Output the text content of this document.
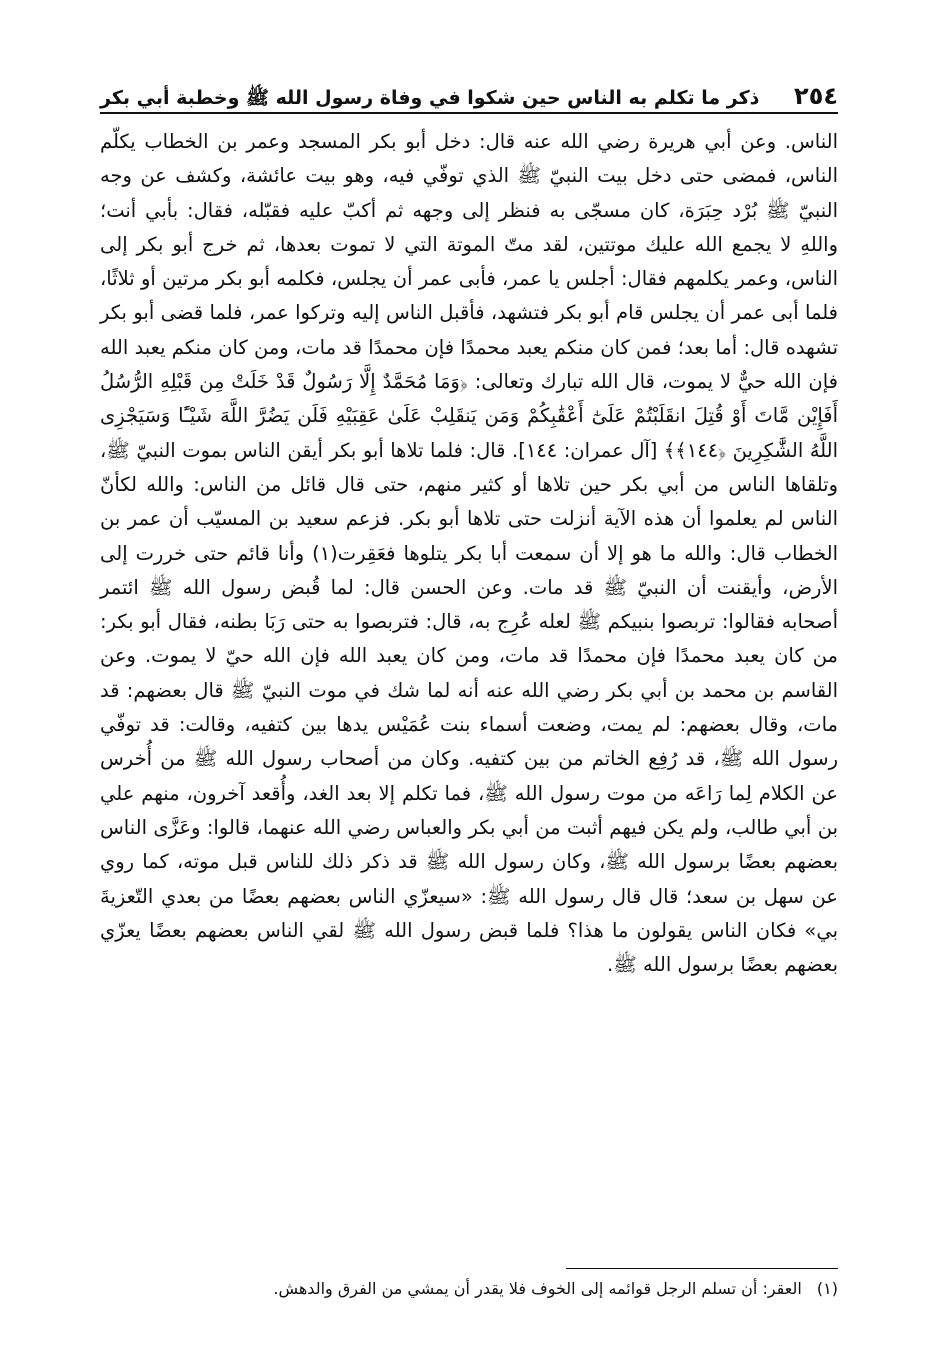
٢٥٤
ذكر ما تكلم به الناس حين شكوا في وفاة رسول الله ﷺ وخطبة أبي بكر

الناس. وعن أبي هريرة رضي الله عنه قال: دخل أبو بكر المسجد وعمر بن الخطاب يكلّم الناس، فمضى حتى دخل بيت النبيّ ﷺ الذي توفّي فيه، وهو بيت عائشة، وكشف عن وجه النبيّ ﷺ بُرْد حِبَرَة، كان مسجّى به فنظر إلى وجهه ثم أكبّ عليه فقبّله، فقال: بأبي أنت؛ واللهِ لا يجمع الله عليك موتتين، لقد متّ الموتة التي لا تموت بعدها، ثم خرج أبو بكر إلى الناس، وعمر يكلمهم فقال: أجلس يا عمر، فأبى عمر أن يجلس، فكلمه أبو بكر مرتين أو ثلاثًا، فلما أبى عمر أن يجلس قام أبو بكر فتشهد، فأقبل الناس إليه وتركوا عمر، فلما قضى أبو بكر تشهده قال: أما بعد؛ فمن كان منكم يعبد محمدًا فإن محمدًا قد مات، ومن كان منكم يعبد الله فإن الله حيٌّ لا يموت، قال الله تبارك وتعالى: ﴿وَمَا مُحَمَّدٌ إِلَّا رَسُولٌ قَدْ خَلَتْ مِن قَبْلِهِ الرُّسُلُ أَفَإِيْن مَّاتَ أَوْ قُتِلَ انقَلَبْتُمْ عَلَىٰٓ أَعْقَٰبِكُمْ وَمَن يَنقَلِبْ عَلَىٰ عَقِبَيْهِ فَلَن يَضُرَّ اللَّهَ شَيْـًٔا وَسَيَجْزِى اللَّهُ الشَّٰكِرِينَ ﴿١٤٤﴾﴾ [آل عمران: ١٤٤]. قال: فلما تلاها أبو بكر أيقن الناس بموت النبيّ ﷺ، وتلقاها الناس من أبي بكر حين تلاها أو كثير منهم، حتى قال قائل من الناس: والله لكأنّ الناس لم يعلموا أن هذه الآية أنزلت حتى تلاها أبو بكر. فزعم سعيد بن المسيّب أن عمر بن الخطاب قال: والله ما هو إلا أن سمعت أبا بكر يتلوها فعَقِرت(١) وأنا قائم حتى خررت إلى الأرض، وأيقنت أن النبيّ ﷺ قد مات. وعن الحسن قال: لما قُبض رسول الله ﷺ ائتمر أصحابه فقالوا: تربصوا بنبيكم ﷺ لعله عُرِج به، قال: فتربصوا به حتى رَبَا بطنه، فقال أبو بكر: من كان يعبد محمدًا فإن محمدًا قد مات، ومن كان يعبد الله فإن الله حيّ لا يموت. وعن القاسم بن محمد بن أبي بكر رضي الله عنه أنه لما شك في موت النبيّ ﷺ قال بعضهم: قد مات، وقال بعضهم: لم يمت، وضعت أسماء بنت عُمَيْس يدها بين كتفيه، وقالت: قد توفّي رسول الله ﷺ، قد رُفِع الخاتم من بين كتفيه. وكان من أصحاب رسول الله ﷺ من أُخرس عن الكلام لِما رَاعَه من موت رسول الله ﷺ، فما تكلم إلا بعد الغد، وأُقعد آخرون، منهم علي بن أبي طالب، ولم يكن فيهم أثبت من أبي بكر والعباس رضي الله عنهما، قالوا: وعَزَّى الناس بعضهم بعضًا برسول الله ﷺ، وكان رسول الله ﷺ قد ذكر ذلك للناس قبل موته، كما روي عن سهل بن سعد؛ قال قال رسول الله ﷺ: «سيعزّي الناس بعضهم بعضًا من بعدي التّعزيةَ بي» فكان الناس يقولون ما هذا؟ فلما قبض رسول الله ﷺ لقي الناس بعضهم بعضًا يعزّي بعضهم بعضًا برسول الله ﷺ.

(١) العقر: أن تسلم الرجل قوائمه إلى الخوف فلا يقدر أن يمشي من الفرق والدهش.
